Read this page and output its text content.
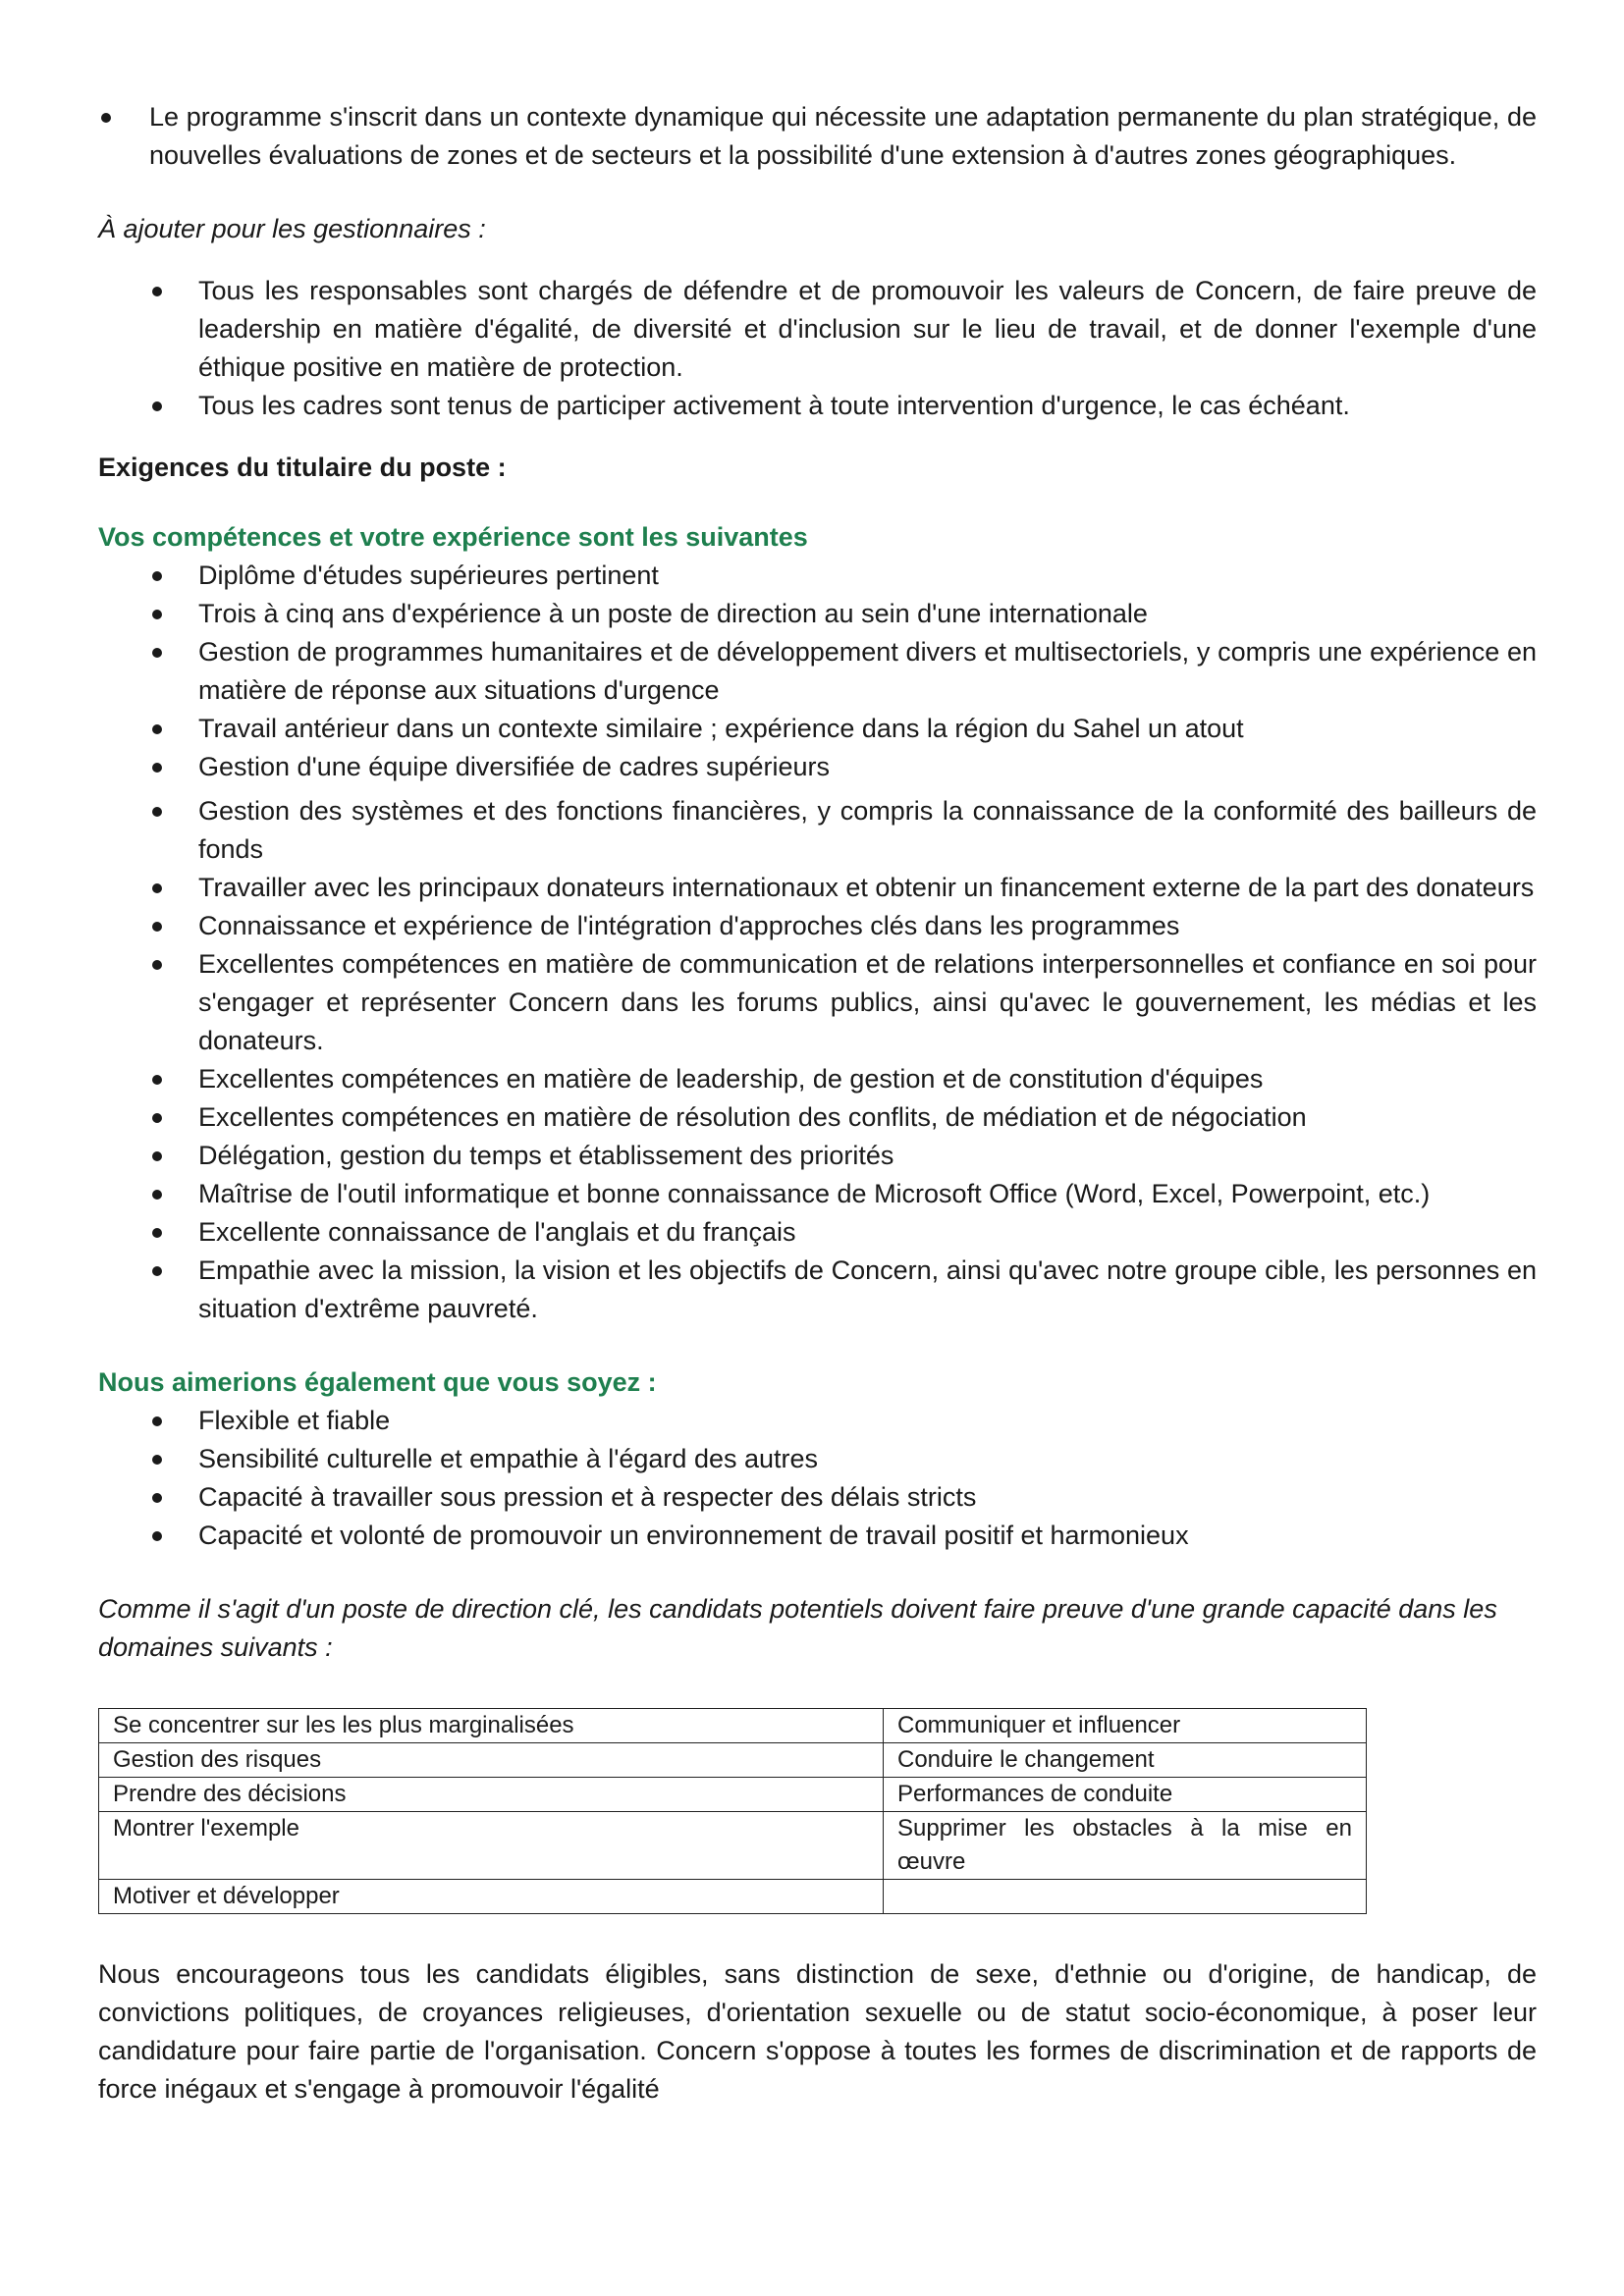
Le programme s'inscrit dans un contexte dynamique qui nécessite une adaptation permanente du plan stratégique, de nouvelles évaluations de zones et de secteurs et la possibilité d'une extension à d'autres zones géographiques.
À ajouter pour les gestionnaires :
Tous les responsables sont chargés de défendre et de promouvoir les valeurs de Concern, de faire preuve de leadership en matière d'égalité, de diversité et d'inclusion sur le lieu de travail, et de donner l'exemple d'une éthique positive en matière de protection.
Tous les cadres sont tenus de participer activement à toute intervention d'urgence, le cas échéant.
Exigences du titulaire du poste :
Vos compétences et votre expérience sont les suivantes
Diplôme d'études supérieures pertinent
Trois à cinq ans d'expérience à un poste de direction au sein d'une internationale
Gestion de programmes humanitaires et de développement divers et multisectoriels, y compris une expérience en matière de réponse aux situations d'urgence
Travail antérieur dans un contexte similaire ; expérience dans la région du Sahel un atout
Gestion d'une équipe diversifiée de cadres supérieurs
Gestion des systèmes et des fonctions financières, y compris la connaissance de la conformité des bailleurs de fonds
Travailler avec les principaux donateurs internationaux et obtenir un financement externe de la part des donateurs
Connaissance et expérience de l'intégration d'approches clés dans les programmes
Excellentes compétences en matière de communication et de relations interpersonnelles et confiance en soi pour s'engager et représenter Concern dans les forums publics, ainsi qu'avec le gouvernement, les médias et les donateurs.
Excellentes compétences en matière de leadership, de gestion et de constitution d'équipes
Excellentes compétences en matière de résolution des conflits, de médiation et de négociation
Délégation, gestion du temps et établissement des priorités
Maîtrise de l'outil informatique et bonne connaissance de Microsoft Office (Word, Excel, Powerpoint, etc.)
Excellente connaissance de l'anglais et du français
Empathie avec la mission, la vision et les objectifs de Concern, ainsi qu'avec notre groupe cible, les personnes en situation d'extrême pauvreté.
Nous aimerions également que vous soyez :
Flexible et fiable
Sensibilité culturelle et empathie à l'égard des autres
Capacité à travailler sous pression et à respecter des délais stricts
Capacité et volonté de promouvoir un environnement de travail positif et harmonieux
Comme il s'agit d'un poste de direction clé, les candidats potentiels doivent faire preuve d'une grande capacité dans les domaines suivants :
Se concentrer sur les les plus marginalisées	Communiquer et influencer
Gestion des risques	Conduire le changement
Prendre des décisions	Performances de conduite
Montrer l'exemple	Supprimer les obstacles à la mise en œuvre
Motiver et développer	
Nous encourageons tous les candidats éligibles, sans distinction de sexe, d'ethnie ou d'origine, de handicap, de convictions politiques, de croyances religieuses, d'orientation sexuelle ou de statut socio-économique, à poser leur candidature pour faire partie de l'organisation. Concern s'oppose à toutes les formes de discrimination et de rapports de force inégaux et s'engage à promouvoir l'égalité
